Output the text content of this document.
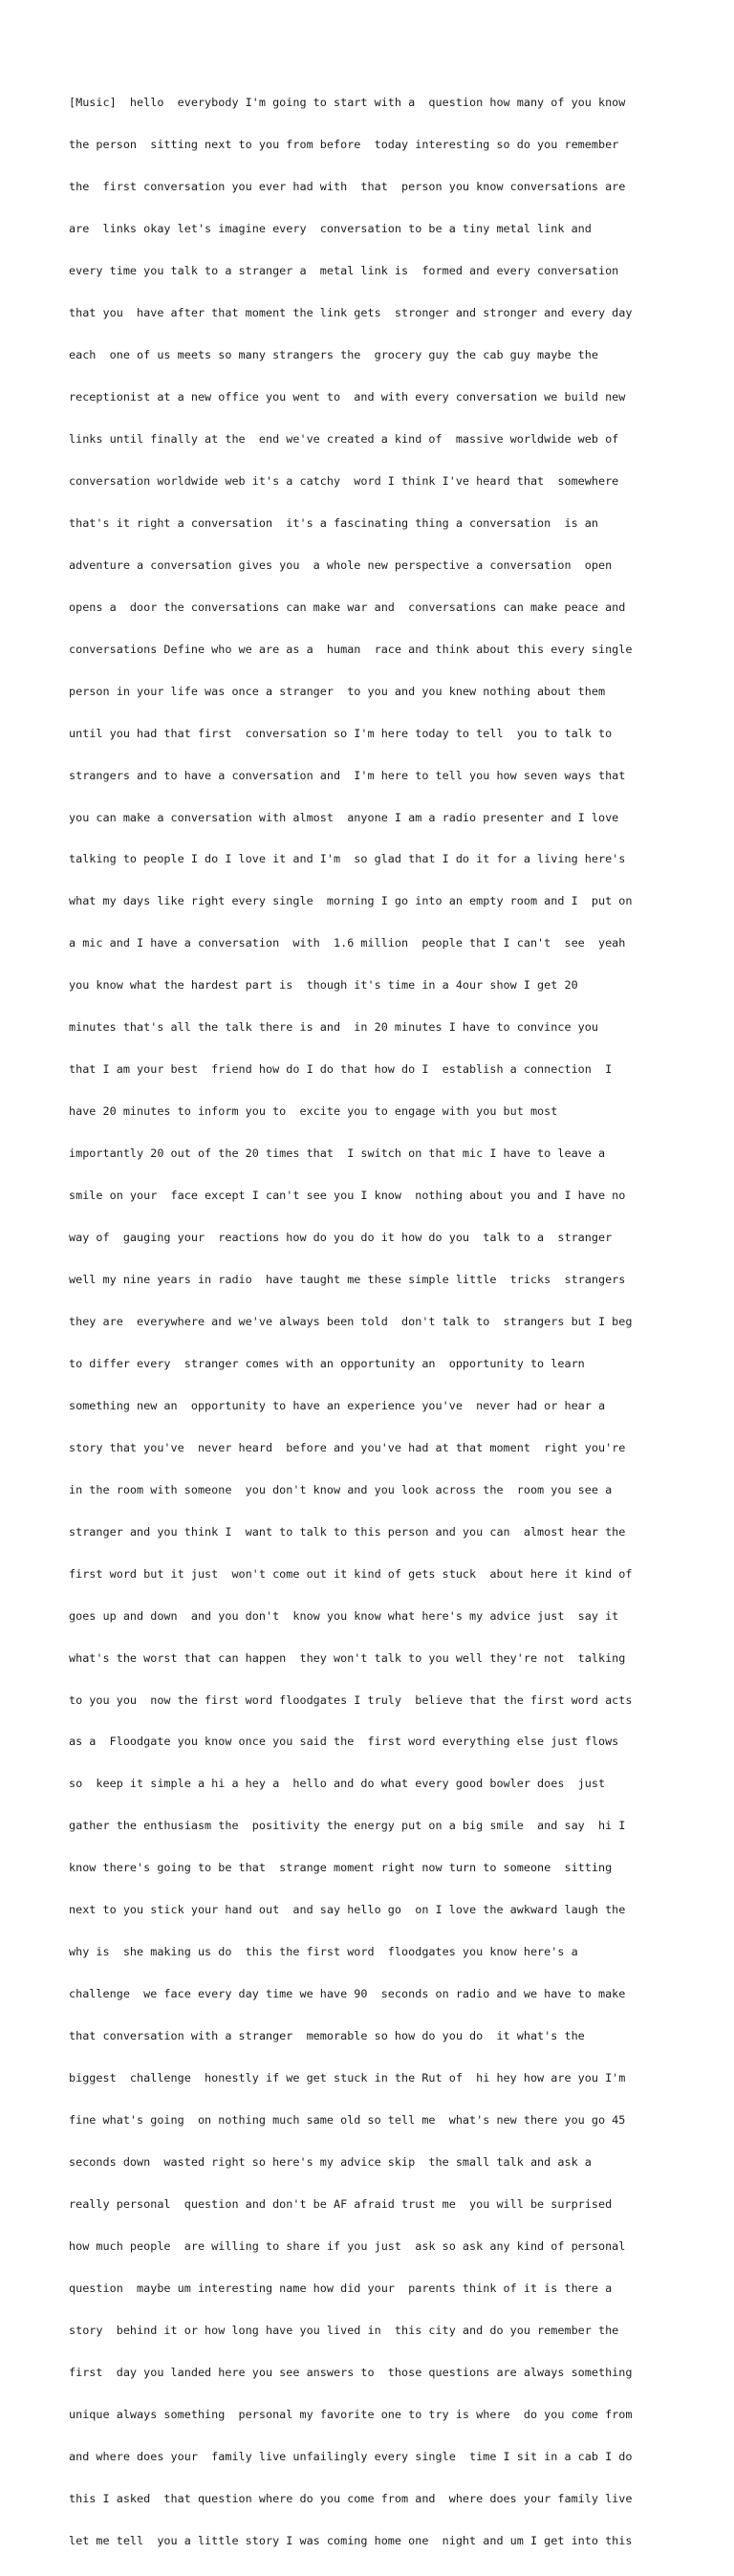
[Music]  hello  everybody I'm going to start with a  question how many of you know

the person  sitting next to you from before  today interesting so do you remember

the  first conversation you ever had with  that  person you know conversations are

are  links okay let's imagine every  conversation to be a tiny metal link and

every time you talk to a stranger a  metal link is  formed and every conversation

that you  have after that moment the link gets  stronger and stronger and every day

each  one of us meets so many strangers the  grocery guy the cab guy maybe the

receptionist at a new office you went to  and with every conversation we build new

links until finally at the  end we've created a kind of  massive worldwide web of

conversation worldwide web it's a catchy  word I think I've heard that  somewhere

that's it right a conversation  it's a fascinating thing a conversation  is an

adventure a conversation gives you  a whole new perspective a conversation  open

opens a  door the conversations can make war and  conversations can make peace and

conversations Define who we are as a  human  race and think about this every single

person in your life was once a stranger  to you and you knew nothing about them

until you had that first  conversation so I'm here today to tell  you to talk to

strangers and to have a conversation and  I'm here to tell you how seven ways that

you can make a conversation with almost  anyone I am a radio presenter and I love

talking to people I do I love it and I'm  so glad that I do it for a living here's

what my days like right every single  morning I go into an empty room and I  put on

a mic and I have a conversation  with  1.6 million  people that I can't  see  yeah

you know what the hardest part is  though it's time in a 4our show I get 20

minutes that's all the talk there is and  in 20 minutes I have to convince you

that I am your best  friend how do I do that how do I  establish a connection  I

have 20 minutes to inform you to  excite you to engage with you but most

importantly 20 out of the 20 times that  I switch on that mic I have to leave a

smile on your  face except I can't see you I know  nothing about you and I have no

way of  gauging your  reactions how do you do it how do you  talk to a  stranger

well my nine years in radio  have taught me these simple little  tricks  strangers

they are  everywhere and we've always been told  don't talk to  strangers but I beg

to differ every  stranger comes with an opportunity an  opportunity to learn

something new an  opportunity to have an experience you've  never had or hear a

story that you've  never heard  before and you've had at that moment  right you're

in the room with someone  you don't know and you look across the  room you see a

stranger and you think I  want to talk to this person and you can  almost hear the

first word but it just  won't come out it kind of gets stuck  about here it kind of

goes up and down  and you don't  know you know what here's my advice just  say it

what's the worst that can happen  they won't talk to you well they're not  talking

to you you  now the first word floodgates I truly  believe that the first word acts

as a  Floodgate you know once you said the  first word everything else just flows

so  keep it simple a hi a hey a  hello and do what every good bowler does  just

gather the enthusiasm the  positivity the energy put on a big smile  and say  hi I

know there's going to be that  strange moment right now turn to someone  sitting

next to you stick your hand out  and say hello go  on I love the awkward laugh the

why is  she making us do  this the first word  floodgates you know here's a

challenge  we face every day time we have 90  seconds on radio and we have to make

that conversation with a stranger  memorable so how do you do  it what's the

biggest  challenge  honestly if we get stuck in the Rut of  hi hey how are you I'm

fine what's going  on nothing much same old so tell me  what's new there you go 45

seconds down  wasted right so here's my advice skip  the small talk and ask a

really personal  question and don't be AF afraid trust me  you will be surprised

how much people  are willing to share if you just  ask so ask any kind of personal

question  maybe um interesting name how did your  parents think of it is there a

story  behind it or how long have you lived in  this city and do you remember the

first  day you landed here you see answers to  those questions are always something

unique always something  personal my favorite one to try is where  do you come from

and where does your  family live unfailingly every single  time I sit in a cab I do

this I asked  that question where do you come from and  where does your family live

let me tell  you a little story I was coming home one  night and um I get into this
